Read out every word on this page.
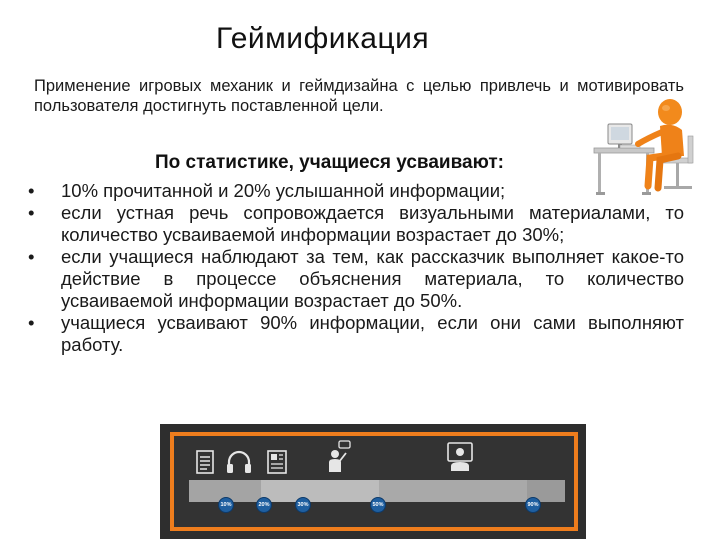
Геймификация

Применение игровых механик и геймдизайна с целью привлечь и мотивировать пользователя достигнуть поставленной цели.

По статистике, учащиеся усваивают:

•	10% прочитанной и 20% услышанной информации;
•	если устная речь сопровождается визуальными материалами, то количество усваиваемой информации возрастает до 30%;
•	если учащиеся наблюдают за тем, как рассказчик выполняет какое-то действие в процессе объяснения материала, то количество усваиваемой информации возрастает до 50%.
•	учащиеся усваивают 90% информации, если они сами выполняют работу.
10%	20%	30%	50%	90%
